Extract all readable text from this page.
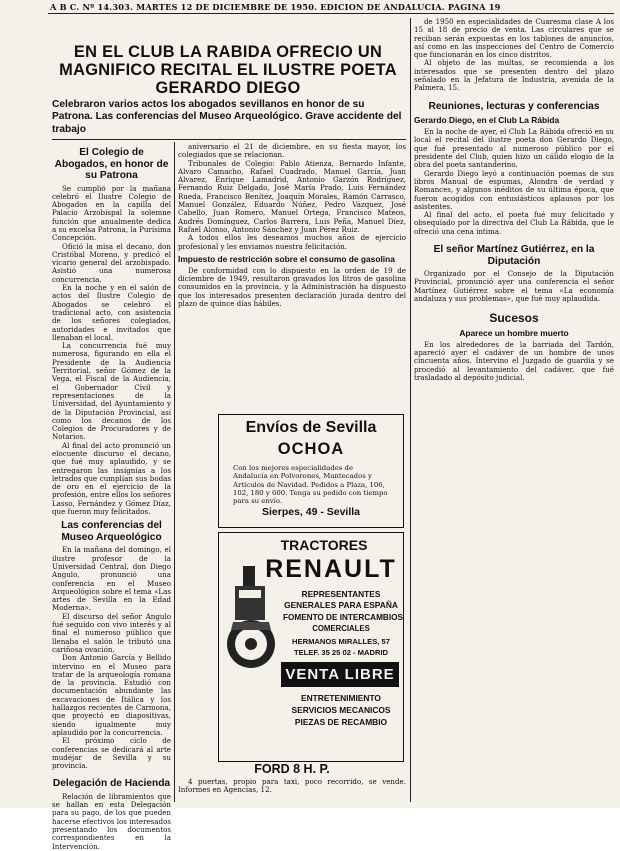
A B C. Nº 14.303. MARTES 12 DE DICIEMBRE DE 1950. EDICION DE ANDALUCIA. PAGINA 19
EN EL CLUB LA RABIDA OFRECIO UN MAGNIFICO RECITAL EL ILUSTRE POETA GERARDO DIEGO
Celebraron varios actos los abogados sevillanos en honor de su Patrona. Las conferencias del Museo Arqueológico. Grave accidente del trabajo
El Colegio de Abogados, en honor de su Patrona

Se cumplió por la mañana celebró el Ilustre Colegio de Abogados en la capilla del Palacio Arzobispal la solemne función que anualmente dedica a su excelsa Patrona, la Purísima Concepción.

Ofició la misa el decano, don Cristóbal Moreno, y predicó el vicario general del arzobispado. Asistió una numerosa concurrencia.

En la noche y en el salón de actos del Ilustre Colegio de Abogados se celebró el tradicional acto, con asistencia de los señores colegiados, autoridades e invitados que llenaban el local.

La concurrencia fué muy numerosa, figurando en ella el Presidente de la Audiencia Territorial, señor Gómez de la Vega, el Fiscal de la Audiencia, el Gobernador Civil y representaciones de la Universidad, del Ayuntamiento y de la Diputación Provincial, así como los decanos de los Colegios de Procuradores y de Notarios.

Al final del acto pronunció un elocuente discurso el decano, que fué muy aplaudido, y se entregaron las insignias a los letrados que cumplían sus bodas de oro en el ejercicio de la profesión, entre ellos los señores Lasso, Fernández y Gómez Díaz, que fueron muy felicitados.

Las conferencias del Museo Arqueológico

En la mañana del domingo, el ilustre profesor de la Universidad Central, don Diego Angulo, pronunció una conferencia en el Museo Arqueológico sobre el tema «Las artes de Sevilla en la Edad Moderna».

El discurso del señor Angulo fué seguido con vivo interés y al final el numeroso público que llenaba el salón le tributó una cariñosa ovación.

Don Antonio García y Bellido intervino en el Museo para tratar de la arqueología romana de la provincia. Estudió con documentación abundante las excavaciones de Itálica y los hallazgos recientes de Carmona, que proyectó en diapositivas, siendo igualmente muy aplaudido por la concurrencia.

El próximo ciclo de conferencias se dedicará al arte mudéjar de Sevilla y su provincia.

Delegación de Hacienda

Relación de libramientos que se hallan en esta Delegación para su pago, de los que pueden hacerse efectivos los interesados presentando los documentos correspondientes en la Intervención.

aniversario el 21 de diciembre, en su fiesta mayor, los colegiados que se relacionan.

Tribunales de Colegio: Pablo Atienza, Bernardo Infante, Alvaro Camacho, Rafael Cuadrado, Manuel García, Juan Alvarez, Enrique Lamadrid, Antonio Garzón Rodríguez, Fernando Ruiz Delgado, José María Prado, Luis Fernández Rueda, Francisco Benítez, Joaquín Morales, Ramón Carrasco, Manuel González, Eduardo Núñez, Pedro Vázquez, José Cabello, Juan Romero, Manuel Ortega, Francisco Mateos, Andrés Domínguez, Carlos Barrera, Luis Peña, Manuel Díez, Rafael Alonso, Antonio Sánchez y Juan Pérez Ruiz.

A todos ellos les deseamos muchos años de ejercicio profesional y les enviamos nuestra felicitación.

Impuesto de restricción sobre el consumo de gasolina

De conformidad con lo dispuesto en la orden de 19 de diciembre de 1949, resultaron gravados los litros de gasolina consumidos en la provincia, y la Administración ha dispuesto que los interesados presenten declaración jurada dentro del plazo de quince días hábiles.

Envíos de Sevilla
OCHOA
Con los mejores especialidades de Andalucía en Polvorones, Mantecados y Artículos de Navidad. Pedidos a Plaza, 106, 102, 180 y 600. Tenga su pedido con tiempo para su envío.
Sierpes, 49 - Sevilla
TRACTORES
RENAULT
REPRESENTANTES GENERALES PARA ESPAÑA
FOMENTO DE INTERCAMBIOS
COMERCIALES
HERMANOS MIRALLES, 57
TELEF. 35 25 02 - MADRID
VENTA LIBRE
ENTRETENIMIENTO
SERVICIOS MECANICOS
PIEZAS DE RECAMBIO
FORD 8 H. P.

4 puertas, propio para taxi, poco recorrido, se vende. Informes en Agencias, 12.

de 1950 en especialidades de Cuaresma clase A los 15 al 18 de precio de venta. Las circulares que se reciban serán expuestas en los tablones de anuncios, así como en las inspecciones del Centro de Comercio que funcionarán en los cinco distritos.

Al objeto de las multas, se recomienda a los interesados que se presenten dentro del plazo señalado en la Jefatura de Industria, avenida de la Palmera, 15.

Reuniones, lecturas y conferencias
Gerardo Diego, en el Club La Rábida

En la noche de ayer, el Club La Rábida ofreció en su local el recital del ilustre poeta don Gerardo Diego, que fué presentado al numeroso público por el presidente del Club, quien hizo un cálido elogio de la obra del poeta santanderino.

Gerardo Diego leyó a continuación poemas de sus libros Manual de espumas, Alondra de verdad y Romances, y algunos inéditos de su última época, que fueron acogidos con entusiásticos aplausos por los asistentes.

Al final del acto, el poeta fué muy felicitado y obsequiado por la directiva del Club La Rábida, que le ofreció una cena íntima.

El señor Martínez Gutiérrez, en la Diputación

Organizado por el Consejo de la Diputación Provincial, pronunció ayer una conferencia el señor Martínez Gutiérrez sobre el tema «La economía andaluza y sus problemas», que fué muy aplaudida.

Sucesos
Aparece un hombre muerto

En los alrededores de la barriada del Tardón, apareció ayer el cadáver de un hombre de unos cincuenta años. Intervino el Juzgado de guardia y se procedió al levantamiento del cadáver, que fué trasladado al depósito judicial.
